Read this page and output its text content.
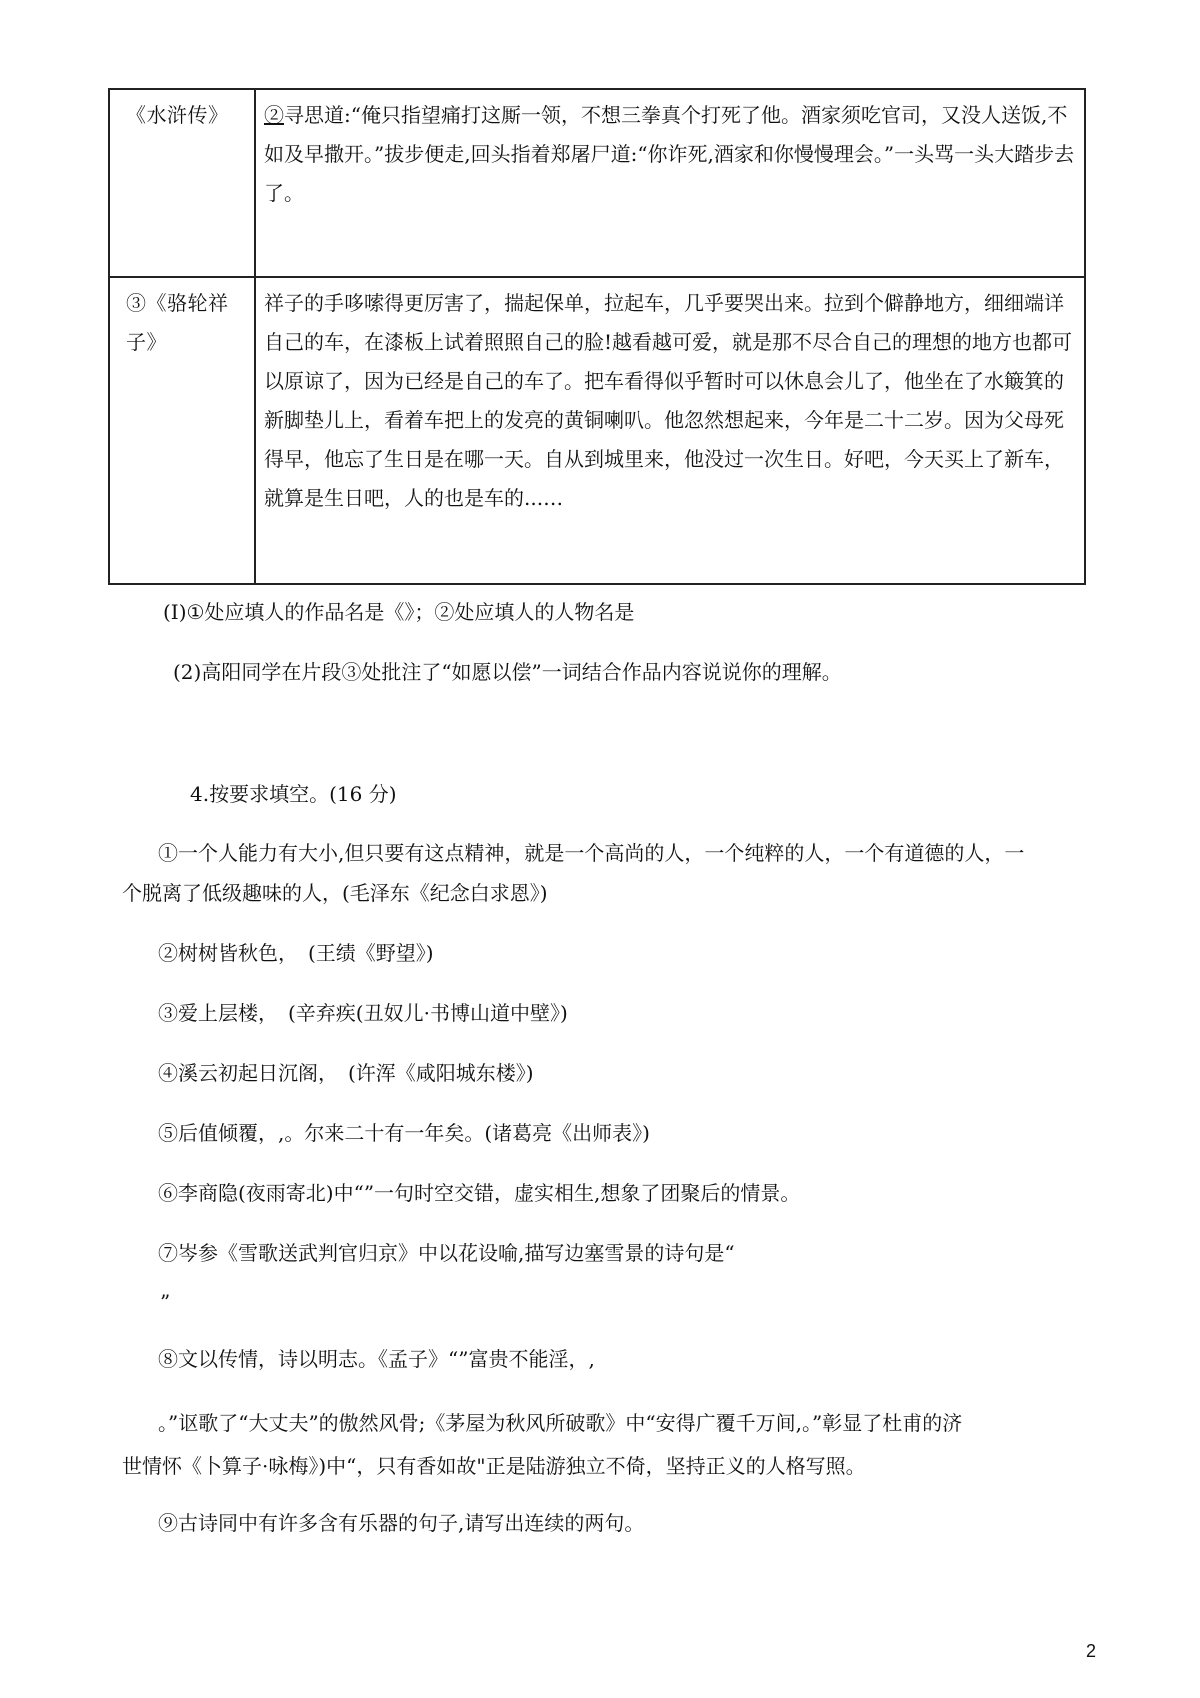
《水浒传》	②寻思道:“俺只指望痛打这厮一领，不想三拳真个打死了他。酒家须吃官司，又没人送饭,不如及早撒开。”拔步便走,回头指着郑屠尸道:“你诈死,酒家和你慢慢理会。”一头骂一头大踏步去了。

③《骆轮祥子》	祥子的手哆嗦得更厉害了，揣起保单，拉起车，几乎要哭出来。拉到个僻静地方，细细端详自己的车，在漆板上试着照照自己的脸!越看越可爱，就是那不尽合自己的理想的地方也都可以原谅了，因为已经是自己的车了。把车看得似乎暂时可以休息会儿了，他坐在了水簸箕的新脚垫儿上，看着车把上的发亮的黄铜喇叭。他忽然想起来，今年是二十二岁。因为父母死得早，他忘了生日是在哪一天。自从到城里来，他没过一次生日。好吧，今天买上了新车，就算是生日吧，人的也是车的...…
(I)①处应填人的作品名是《》；②处应填人的人物名是
(2)高阳同学在片段③处批注了“如愿以偿”一词结合作品内容说说你的理解。
4.按要求填空。(16 分)
①一个人能力有大小,但只要有这点精神，就是一个高尚的人，一个纯粹的人，一个有道德的人，一
个脱离了低级趣味的人，(毛泽东《纪念白求恩》)
②树树皆秋色，　(王绩《野望》)
③爱上层楼，　(辛弃疾(丑奴儿·书博山道中壁》)
④溪云初起日沉阁，　(许浑《咸阳城东楼》)
⑤后值倾覆，,。尔来二十有一年矣。(诸葛亮《出师表》)
⑥李商隐(夜雨寄北)中“”一句时空交错，虚实相生,想象了团聚后的情景。
⑦岑参《雪歌送武判官归京》中以花设喻,描写边塞雪景的诗句是“
”
⑧文以传情，诗以明志。《孟子》“”富贵不能淫，,
。”讴歌了“大丈夫”的傲然风骨;《茅屋为秋风所破歌》中“安得广覆千万间,。”彰显了杜甫的济
世情怀《卜算子·咏梅》)中“，只有香如故"正是陆游独立不倚，坚持正义的人格写照。
⑨古诗同中有许多含有乐器的句子,请写出连续的两句。
2
